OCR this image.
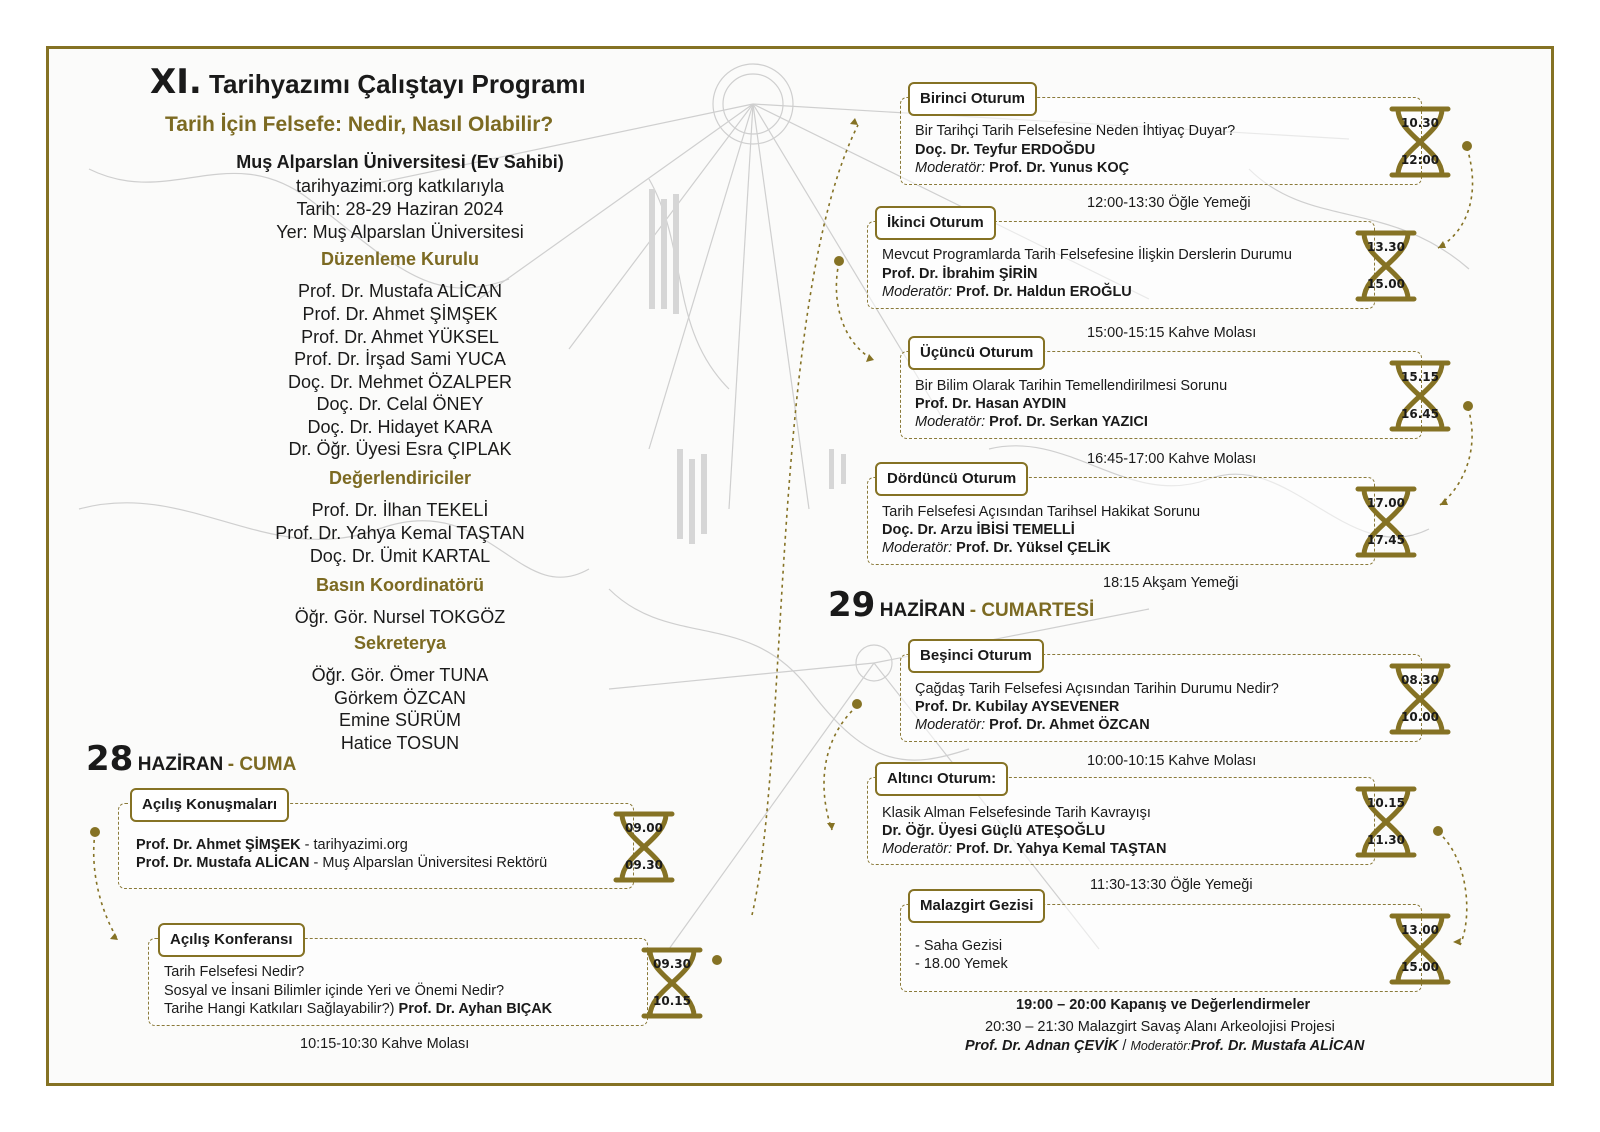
XI. Tarihyazımı Çalıştayı Programı
Tarih İçin Felsefe: Nedir, Nasıl Olabilir?
Muş Alparslan Üniversitesi (Ev Sahibi)
tarihyazimi.org katkılarıyla
Tarih: 28-29 Haziran 2024
Yer: Muş Alparslan Üniversitesi
Düzenleme Kurulu
Prof. Dr. Mustafa ALİCAN
Prof. Dr. Ahmet ŞİMŞEK
Prof. Dr. Ahmet YÜKSEL
Prof. Dr. İrşad Sami YUCA
Doç. Dr. Mehmet ÖZALPER
Doç. Dr. Celal ÖNEY
Doç. Dr. Hidayet KARA
Dr. Öğr. Üyesi Esra ÇIPLAK
Değerlendiriciler
Prof. Dr. İlhan TEKELİ
Prof. Dr. Yahya Kemal TAŞTAN
Doç. Dr. Ümit KARTAL
Basın Koordinatörü
Öğr. Gör. Nursel TOKGÖZ
Sekreterya
Öğr. Gör. Ömer TUNA
Görkem ÖZCAN
Emine SÜRÜM
Hatice TOSUN
28 HAZİRAN - CUMA
Açılış Konuşmaları
Prof. Dr. Ahmet ŞİMŞEK - tarihyazimi.org
Prof. Dr. Mustafa ALİCAN - Muş Alparslan Üniversitesi Rektörü
09.00
09.30
Açılış Konferansı
Tarih Felsefesi Nedir?
Sosyal ve İnsani Bilimler içinde Yeri ve Önemi Nedir?
Tarihe Hangi Katkıları Sağlayabilir?) Prof. Dr. Ayhan BIÇAK
09.30
10.15
10:15-10:30 Kahve Molası
Birinci Oturum
Bir Tarihçi Tarih Felsefesine Neden İhtiyaç Duyar?
Doç. Dr. Teyfur ERDOĞDU
Moderatör: Prof. Dr. Yunus KOÇ
10.30
12:00
12:00-13:30 Öğle Yemeği
İkinci Oturum
Mevcut Programlarda Tarih Felsefesine İlişkin Derslerin Durumu
Prof. Dr. İbrahim ŞİRİN
Moderatör: Prof. Dr. Haldun EROĞLU
13.30
15.00
15:00-15:15 Kahve Molası
Üçüncü Oturum
Bir Bilim Olarak Tarihin Temellendirilmesi Sorunu
Prof. Dr. Hasan AYDIN
Moderatör: Prof. Dr. Serkan YAZICI
15.15
16.45
16:45-17:00 Kahve Molası
Dördüncü Oturum
Tarih Felsefesi Açısından Tarihsel Hakikat Sorunu
Doç. Dr. Arzu İBİSİ TEMELLİ
Moderatör: Prof. Dr. Yüksel ÇELİK
17.00
17.45
18:15 Akşam Yemeği
29 HAZİRAN - CUMARTESİ
Beşinci Oturum
Çağdaş Tarih Felsefesi Açısından Tarihin Durumu Nedir?
Prof. Dr. Kubilay AYSEVENER
Moderatör: Prof. Dr. Ahmet ÖZCAN
08.30
10.00
10:00-10:15 Kahve Molası
Altıncı Oturum:
Klasik Alman Felsefesinde Tarih Kavrayışı
Dr. Öğr. Üyesi Güçlü ATEŞOĞLU
Moderatör: Prof. Dr. Yahya Kemal TAŞTAN
10.15
11.30
11:30-13:30 Öğle Yemeği
Malazgirt Gezisi
- Saha Gezisi
- 18.00 Yemek
13.00
15.00
19:00 – 20:00 Kapanış ve Değerlendirmeler
20:30 – 21:30 Malazgirt Savaş Alanı Arkeolojisi Projesi
Prof. Dr. Adnan ÇEVİK / Moderatör:Prof. Dr. Mustafa ALİCAN
